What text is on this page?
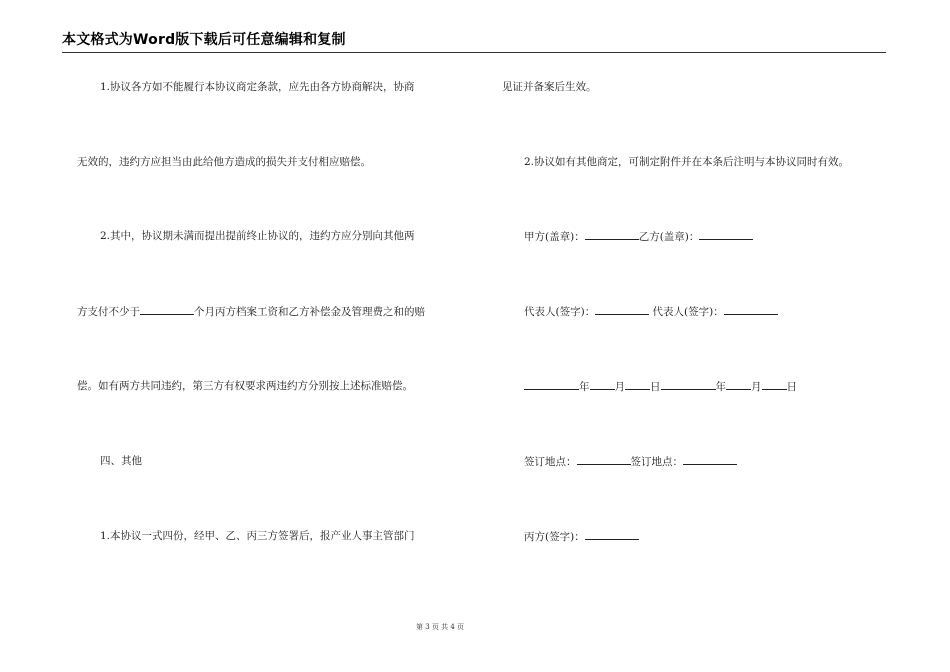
本文格式为Word版下载后可任意编辑和复制
1.协议各方如不能履行本协议商定条款，应先由各方协商解决，协商
无效的，违约方应担当由此给他方造成的损失并支付相应赔偿。
2.其中，协议期未满而提出提前终止协议的，违约方应分别向其他两
方支付不少于	个月丙方档案工资和乙方补偿金及管理费之和的赔
偿。如有两方共同违约，第三方有权要求两违约方分别按上述标准赔偿。
四、其他
1.本协议一式四份，经甲、乙、丙三方签署后，报产业人事主管部门
见证并备案后生效。
2.协议如有其他商定，可制定附件并在本条后注明与本协议同时有效。
甲方(盖章)：	乙方(盖章)：
代表人(签字)：	代表人(签字)：
年 月 日	年 月 日
签订地点：	签订地点：
丙方(签字)：
第 3 页 共 4 页
